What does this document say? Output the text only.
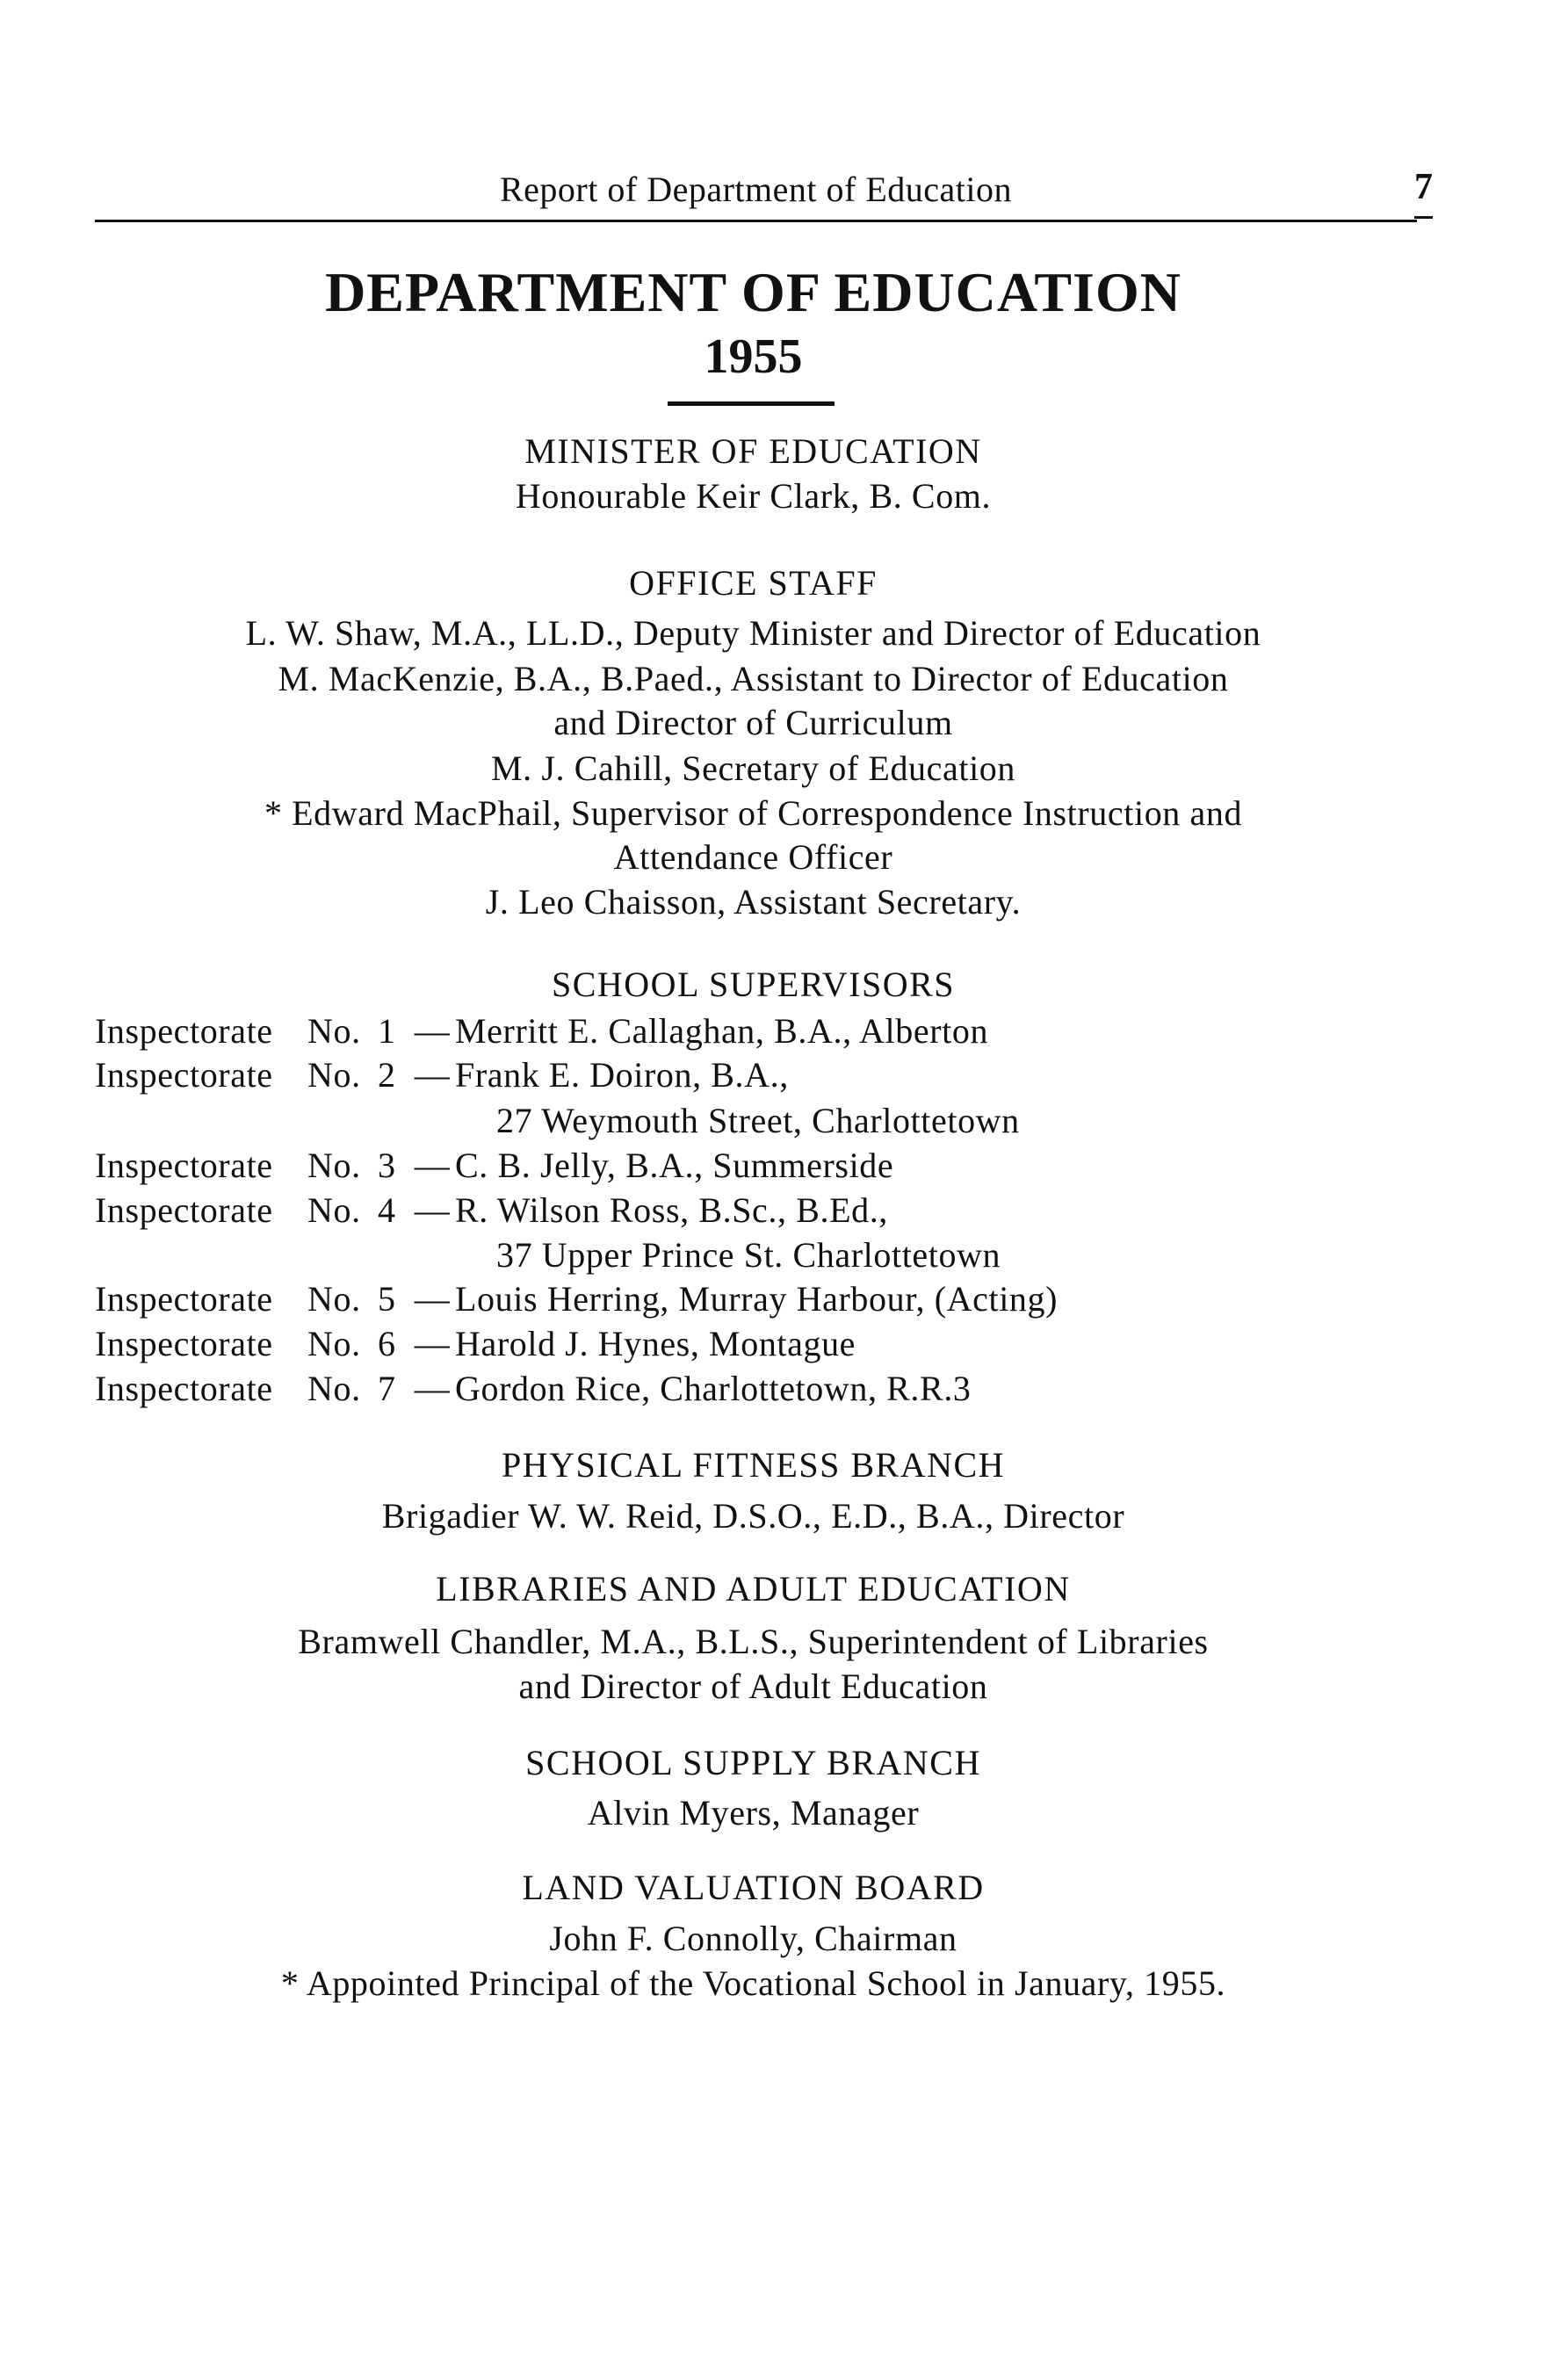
Report of Department of Education	7
DEPARTMENT OF EDUCATION
1955
MINISTER OF EDUCATION
Honourable Keir Clark, B. Com.
OFFICE STAFF
L. W. Shaw, M.A., LL.D., Deputy Minister and Director of Education
M. MacKenzie, B.A., B.Paed., Assistant to Director of Education
and Director of Curriculum
M. J. Cahill, Secretary of Education
* Edward MacPhail, Supervisor of Correspondence Instruction and
Attendance Officer
J. Leo Chaisson, Assistant Secretary.
SCHOOL SUPERVISORS
Inspectorate No. 1 — Merritt E. Callaghan, B.A., Alberton
Inspectorate No. 2 — Frank E. Doiron, B.A.,
27 Weymouth Street, Charlottetown
Inspectorate No. 3 — C. B. Jelly, B.A., Summerside
Inspectorate No. 4 — R. Wilson Ross, B.Sc., B.Ed.,
37 Upper Prince St. Charlottetown
Inspectorate No. 5 — Louis Herring, Murray Harbour, (Acting)
Inspectorate No. 6 — Harold J. Hynes, Montague
Inspectorate No. 7 — Gordon Rice, Charlottetown, R.R.3
PHYSICAL FITNESS BRANCH
Brigadier W. W. Reid, D.S.O., E.D., B.A., Director
LIBRARIES AND ADULT EDUCATION
Bramwell Chandler, M.A., B.L.S., Superintendent of Libraries
and Director of Adult Education
SCHOOL SUPPLY BRANCH
Alvin Myers, Manager
LAND VALUATION BOARD
John F. Connolly, Chairman
* Appointed Principal of the Vocational School in January, 1955.
